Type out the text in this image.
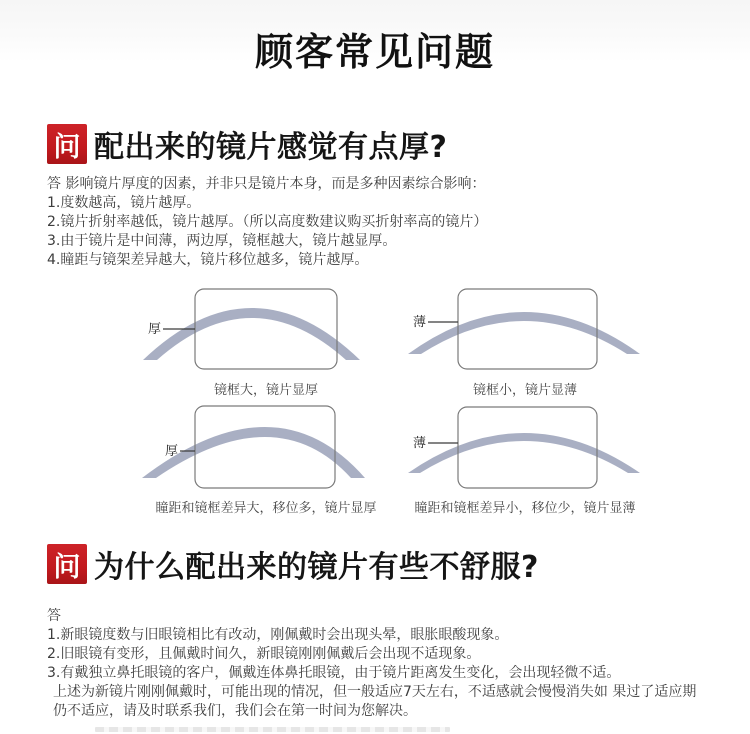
顾客常见问题
问 配出来的镜片感觉有点厚?
答 影响镜片厚度的因素，并非只是镜片本身，而是多种因素综合影响：
1.度数越高，镜片越厚。
2.镜片折射率越低，镜片越厚。（所以高度数建议购买折射率高的镜片）
3.由于镜片是中间薄，两边厚，镜框越大，镜片越显厚。
4.瞳距与镜架差异越大，镜片移位越多，镜片越厚。
厚
镜框大，镜片显厚
薄
镜框小，镜片显薄
厚
瞳距和镜框差异大，移位多，镜片显厚
薄
瞳距和镜框差异小，移位少，镜片显薄
问 为什么配出来的镜片有些不舒服?
答
1.新眼镜度数与旧眼镜相比有改动，刚佩戴时会出现头晕，眼胀眼酸现象。
2.旧眼镜有变形，且佩戴时间久，新眼镜刚刚佩戴后会出现不适现象。
3.有戴独立鼻托眼镜的客户，佩戴连体鼻托眼镜，由于镜片距离发生变化，会出现轻微不适。
上述为新镜片刚刚佩戴时，可能出现的情况，但一般适应7天左右，不适感就会慢慢消失如 果过了适应期仍不适应，请及时联系我们，我们会在第一时间为您解决。
